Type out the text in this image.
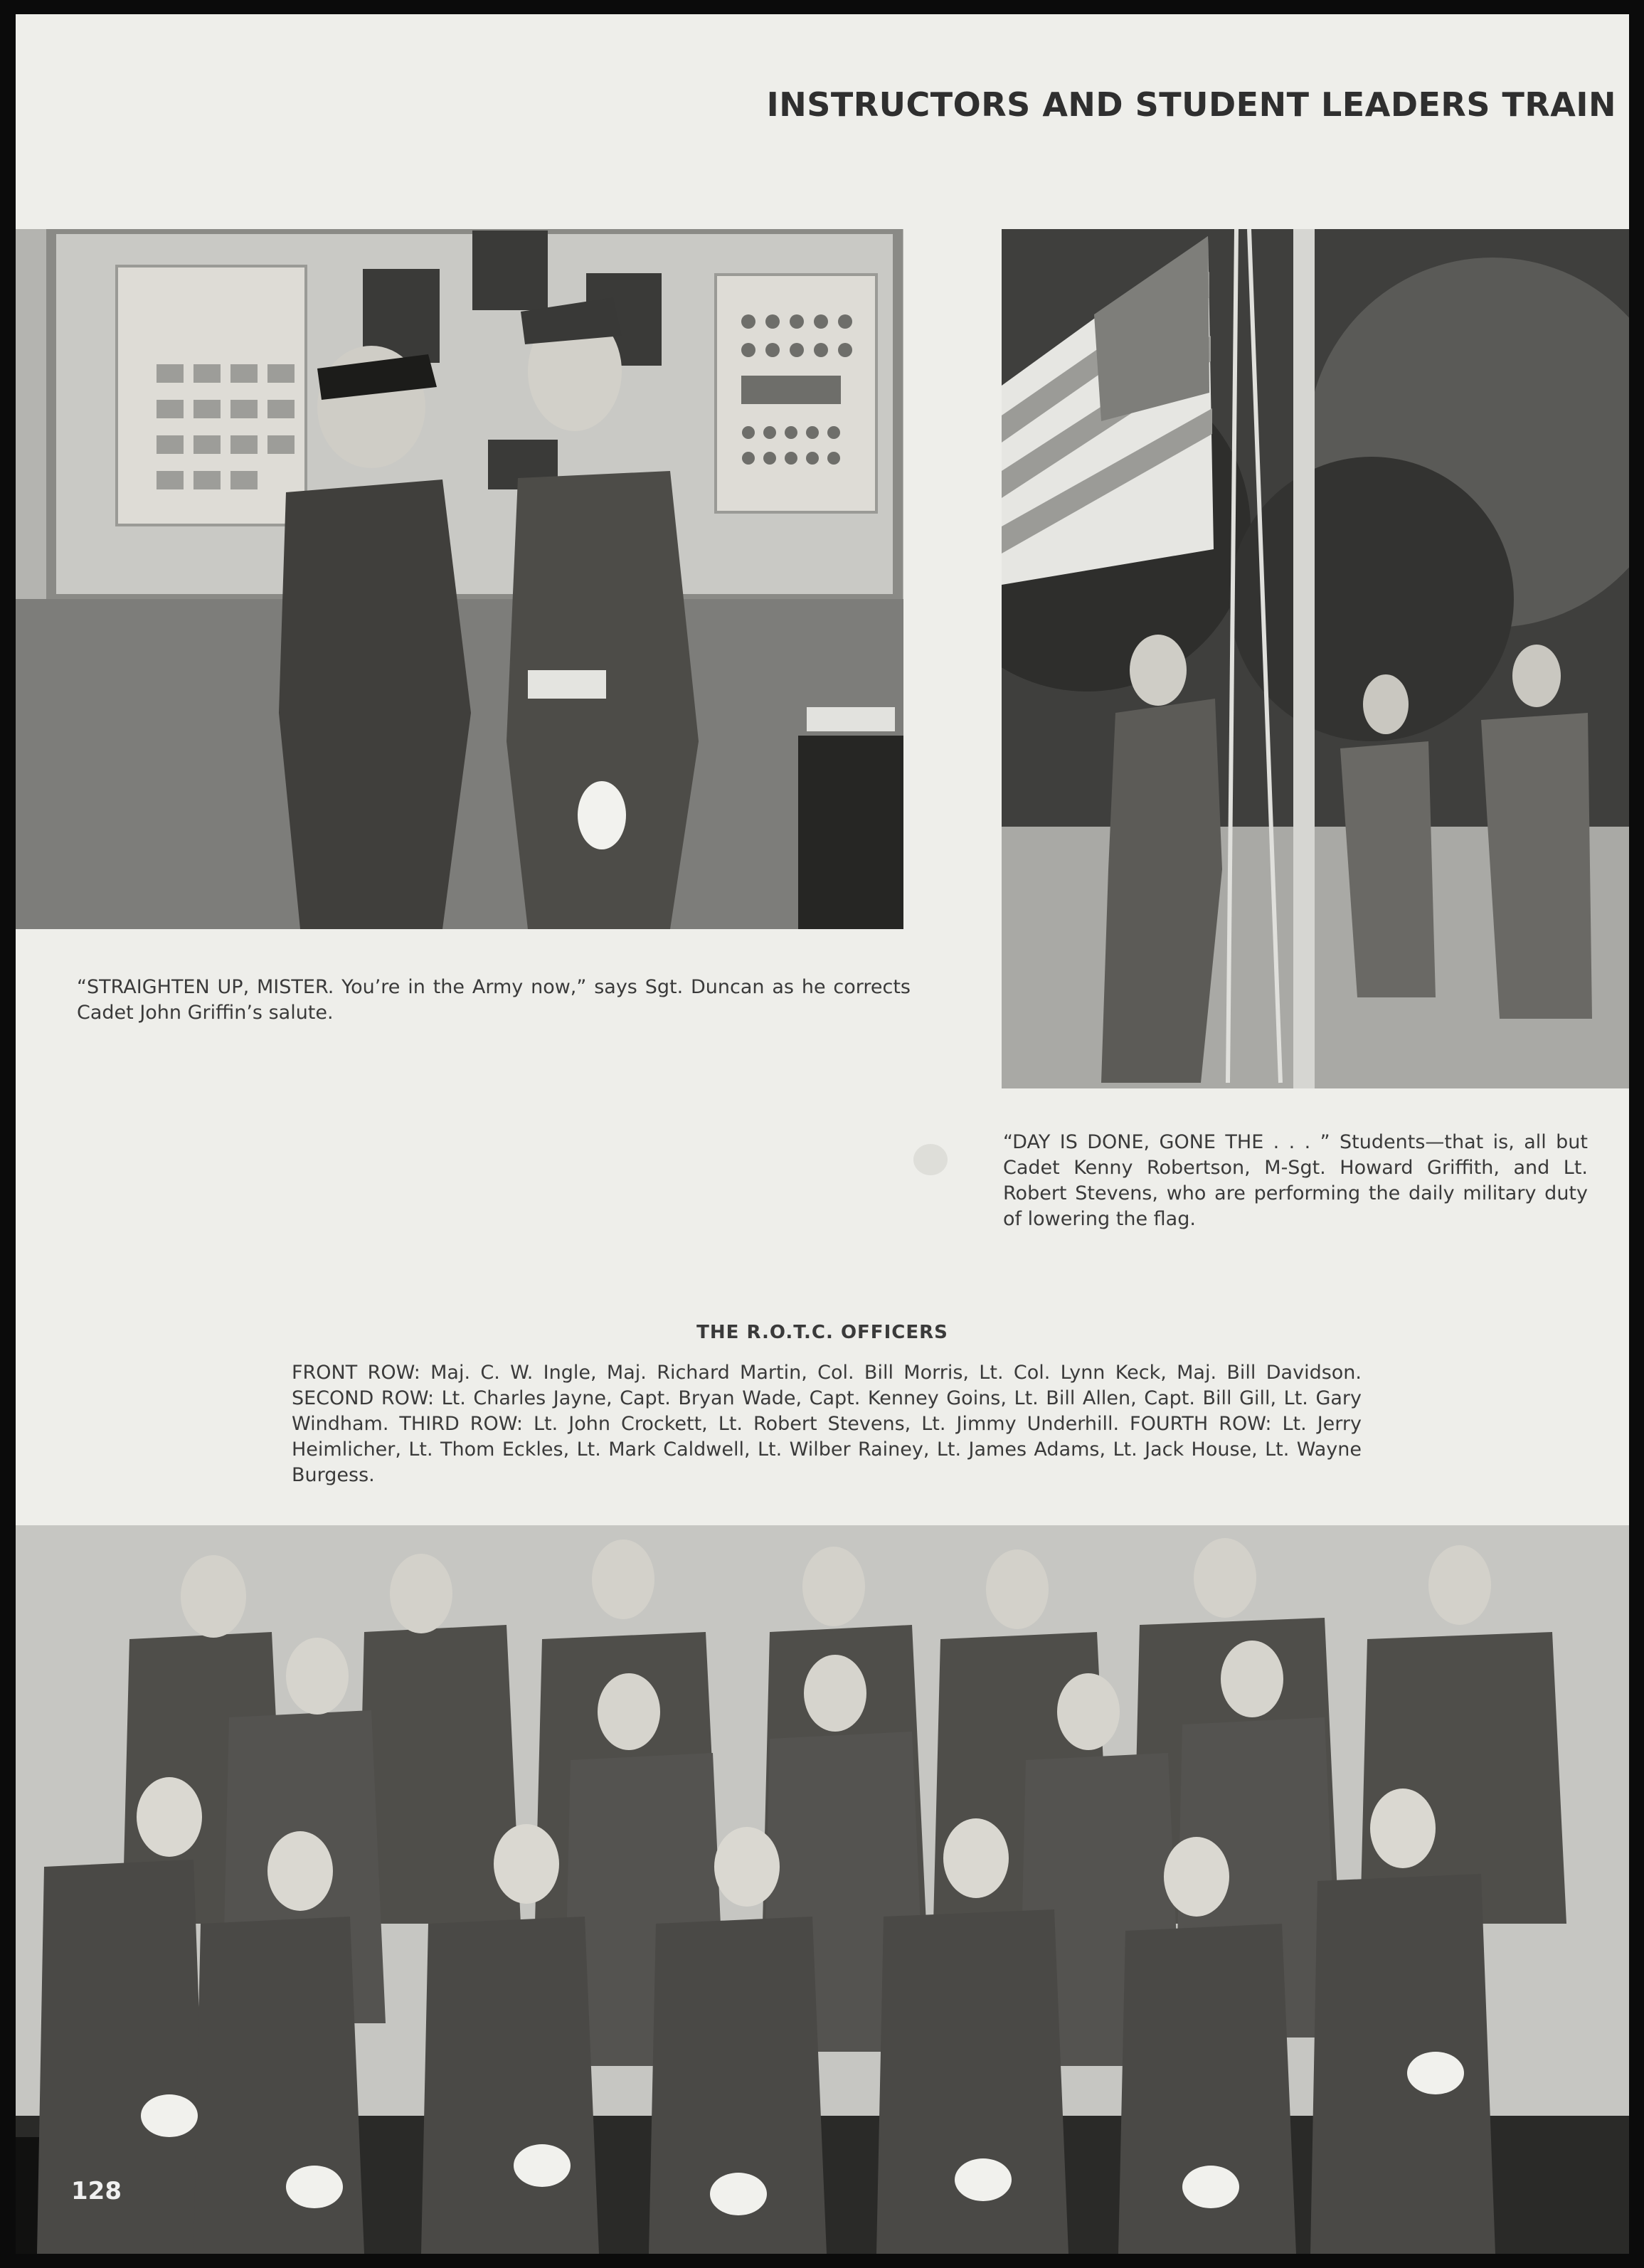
INSTRUCTORS AND STUDENT LEADERS TRAIN

“STRAIGHTEN UP, MISTER. You’re in the Army now,” says Sgt. Duncan as he corrects Cadet John Griffin’s salute.

“DAY IS DONE, GONE THE . . . ” Students—that is, all but Cadet Kenny Robertson, M-Sgt. Howard Griffith, and Lt. Robert Stevens, who are performing the daily military duty of lowering the flag.

THE R.O.T.C. OFFICERS

FRONT ROW: Maj. C. W. Ingle, Maj. Richard Martin, Col. Bill Morris, Lt. Col. Lynn Keck, Maj. Bill Davidson. SECOND ROW: Lt. Charles Jayne, Capt. Bryan Wade, Capt. Kenney Goins, Lt. Bill Allen, Capt. Bill Gill, Lt. Gary Windham. THIRD ROW: Lt. John Crockett, Lt. Robert Stevens, Lt. Jimmy Underhill. FOURTH ROW: Lt. Jerry Heimlicher, Lt. Thom Eckles, Lt. Mark Caldwell, Lt. Wilber Rainey, Lt. James Adams, Lt. Jack House, Lt. Wayne Burgess.

128
